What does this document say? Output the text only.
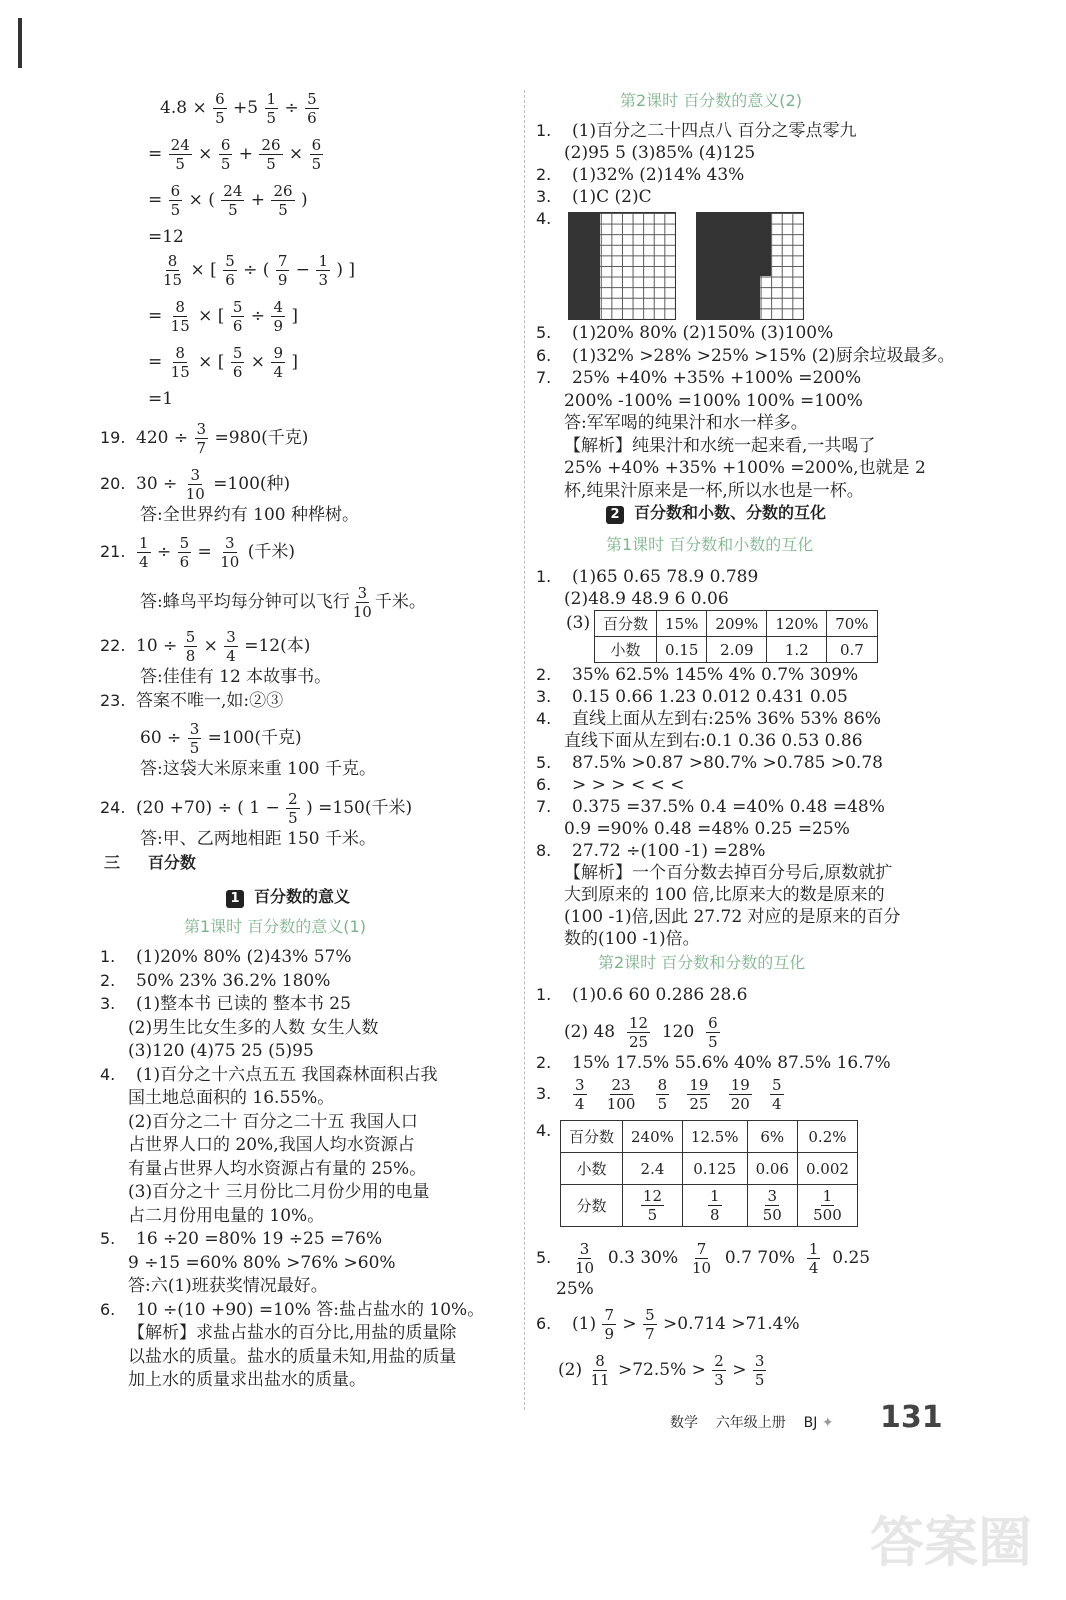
答案圈
$4.8 \times \frac{6}{5} +5 \frac{1}{5} \div \frac{5}{6}$
= $\frac{24}{5} \times \frac{6}{5} + \frac{26}{5} \times \frac{6}{5}$
= $\frac{6}{5}$ × ( $\frac{24}{5} + \frac{26}{5}$ )
=12
$\frac{8}{15}$ × [ $\frac{5}{6}$ ÷ ( $\frac{7}{9} - \frac{1}{3}$ ) ]
= $\frac{8}{15}$ × [ $\frac{5}{6} \div \frac{4}{9}$ ]
= $\frac{8}{15}$ × [ $\frac{5}{6} \times \frac{9}{4}$ ]
=1
19. $420 \div \frac{3}{7} =980$(千克)
20. $30 \div \frac{3}{10} =100$(种)
答:全世界约有 100 种桦树。
21. $\frac{1}{4} \div \frac{5}{6} = \frac{3}{10}$ (千米)
答:蜂鸟平均每分钟可以飞行 $\frac{3}{10}$ 千米。
22. $10 \div \frac{5}{8} \times \frac{3}{4} =12$(本)
答:佳佳有 12 本故事书。
23. 答案不唯一,如:②③
$60 \div \frac{3}{5} =100$(千克)
答:这袋大米原来重 100 千克。
24. (20 +70) ÷ ( $1 - \frac{2}{5}$ ) =150(千米)
答:甲、乙两地相距 150 千米。
三 百分数
1 百分数的意义
第1课时 百分数的意义(1)
1. (1)20% 80% (2)43% 57%
2. 50% 23% 36.2% 180%
3. (1)整本书 已读的 整本书 25
(2)男生比女生多的人数 女生人数
(3)120 (4)75 25 (5)95
4. (1)百分之十六点五五 我国森林面积占我
国土地总面积的 16.55%。
(2)百分之二十 百分之二十五 我国人口
占世界人口的 20%,我国人均水资源占
有量占世界人均水资源占有量的 25%。
(3)百分之十 三月份比二月份少用的电量
占二月份用电量的 10%。
5. 16 ÷20 =80% 19 ÷25 =76%
9 ÷15 =60% 80% >76% >60%
答:六(1)班获奖情况最好。
6. 10 ÷(10 +90) =10% 答:盐占盐水的 10%。
【解析】求盐占盐水的百分比,用盐的质量除
以盐水的质量。盐水的质量未知,用盐的质量
加上水的质量求出盐水的质量。
第2课时 百分数的意义(2)
1. (1)百分之二十四点八 百分之零点零九
(2)95 5 (3)85% (4)125
2. (1)32% (2)14% 43%
3. (1)C (2)C
4.
5. (1)20% 80% (2)150% (3)100%
6. (1)32% >28% >25% >15% (2)厨余垃圾最多。
7. 25% +40% +35% +100% =200%
200% -100% =100% 100% =100%
答:军军喝的纯果汁和水一样多。
【解析】纯果汁和水统一起来看,一共喝了
25% +40% +35% +100% =200%,也就是 2
杯,纯果汁原来是一杯,所以水也是一杯。
2 百分数和小数、分数的互化
第1课时 百分数和小数的互化
1. (1)65 0.65 78.9 0.789
(2)48.9 48.9 6 0.06
(3) 百分数	15%	209%	120%	70%
小数	0.15	2.09	1.2	0.7
2. 35% 62.5% 145% 4% 0.7% 309%
3. 0.15 0.66 1.23 0.012 0.431 0.05
4. 直线上面从左到右:25% 36% 53% 86%
直线下面从左到右:0.1 0.36 0.53 0.86
5. 87.5% >0.87 >80.7% >0.785 >0.78
6. > > > < < <
7. 0.375 =37.5% 0.4 =40% 0.48 =48%
0.9 =90% 0.48 =48% 0.25 =25%
8. 27.72 ÷(100 -1) =28%
【解析】一个百分数去掉百分号后,原数就扩
大到原来的 100 倍,比原来大的数是原来的
(100 -1)倍,因此 27.72 对应的是原来的百分
数的(100 -1)倍。
第2课时 百分数和分数的互化
1. (1)0.6 60 0.286 28.6
(2) $48 \frac{12}{25} 120 \frac{6}{5}$
2. 15% 17.5% 55.6% 40% 87.5% 16.7%
3. $\frac{3}{4}$
$\frac{23}{100}$
$\frac{8}{5}$
$\frac{19}{25}$
$\frac{19}{20}$
$\frac{5}{4}$
4.	百分数	240%	12.5%	6%	0.2%
小数	2.4	0.125	0.06	0.002
分数	$\frac{12}{5}$	$\frac{1}{8}$	$\frac{3}{50}$	$\frac{1}{500}$
5. $\frac{3}{10} 0.3$ $30\% \frac{7}{10} 0.7$ $70\% \frac{1}{4} 0.25$
25%
6. $(1) \frac{7}{9} > \frac{5}{7} >0.714 >71.4\%$
$(2) \frac{8}{11} >72.5\% > \frac{2}{3} > \frac{3}{5}$
数学 六年级上册 BJ ✦ 131
